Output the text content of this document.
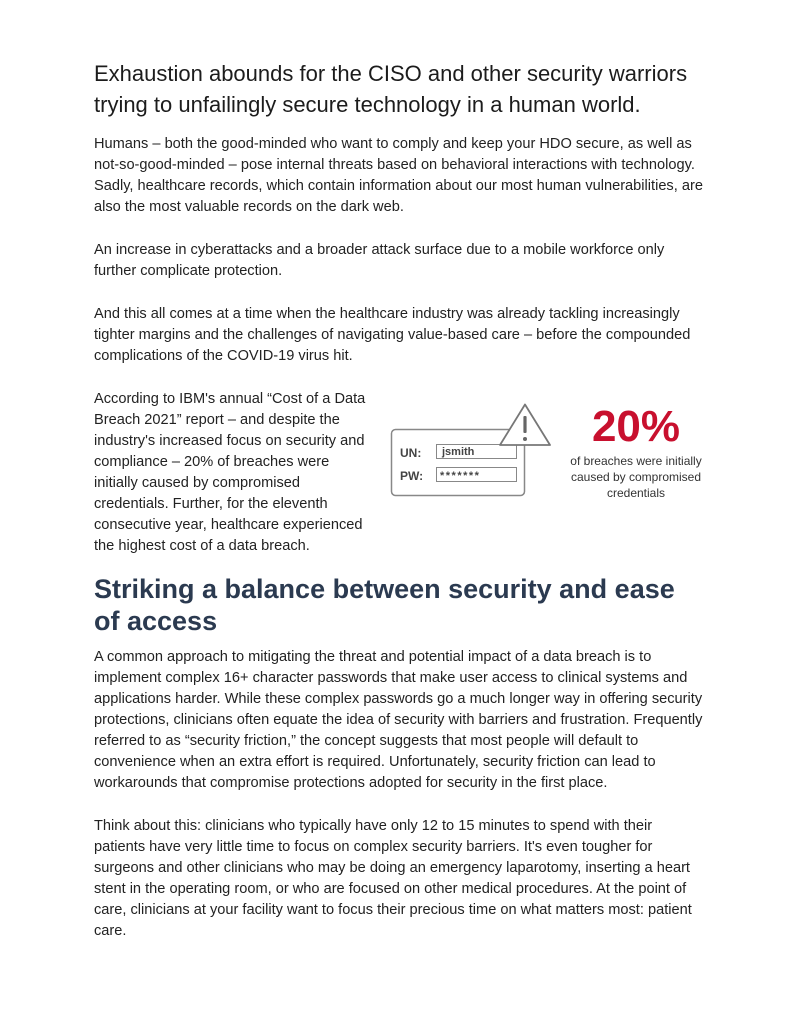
Exhaustion abounds for the CISO and other security warriors trying to unfailingly secure technology in a human world.

Humans – both the good-minded who want to comply and keep your HDO secure, as well as not-so-good-minded – pose internal threats based on behavioral interactions with technology. Sadly, healthcare records, which contain information about our most human vulnerabilities, are also the most valuable records on the dark web.

An increase in cyberattacks and a broader attack surface due to a mobile workforce only further complicate protection.

And this all comes at a time when the healthcare industry was already tackling increasingly tighter margins and the challenges of navigating value-based care – before the compounded complications of the COVID-19 virus hit.

According to IBM's annual “Cost of a Data Breach 2021” report – and despite the industry's increased focus on security and compliance – 20% of breaches were initially caused by compromised credentials. Further, for the eleventh consecutive year, healthcare experienced the highest cost of a data breach.

UN: jsmith
PW: *******
20%
of breaches were initially caused by compromised credentials
Striking a balance between security and ease of access

A common approach to mitigating the threat and potential impact of a data breach is to implement complex 16+ character passwords that make user access to clinical systems and applications harder. While these complex passwords go a much longer way in offering security protections, clinicians often equate the idea of security with barriers and frustration. Frequently referred to as “security friction,” the concept suggests that most people will default to convenience when an extra effort is required. Unfortunately, security friction can lead to workarounds that compromise protections adopted for security in the first place.

Think about this: clinicians who typically have only 12 to 15 minutes to spend with their patients have very little time to focus on complex security barriers. It's even tougher for surgeons and other clinicians who may be doing an emergency laparotomy, inserting a heart stent in the operating room, or who are focused on other medical procedures. At the point of care, clinicians at your facility want to focus their precious time on what matters most: patient care.
